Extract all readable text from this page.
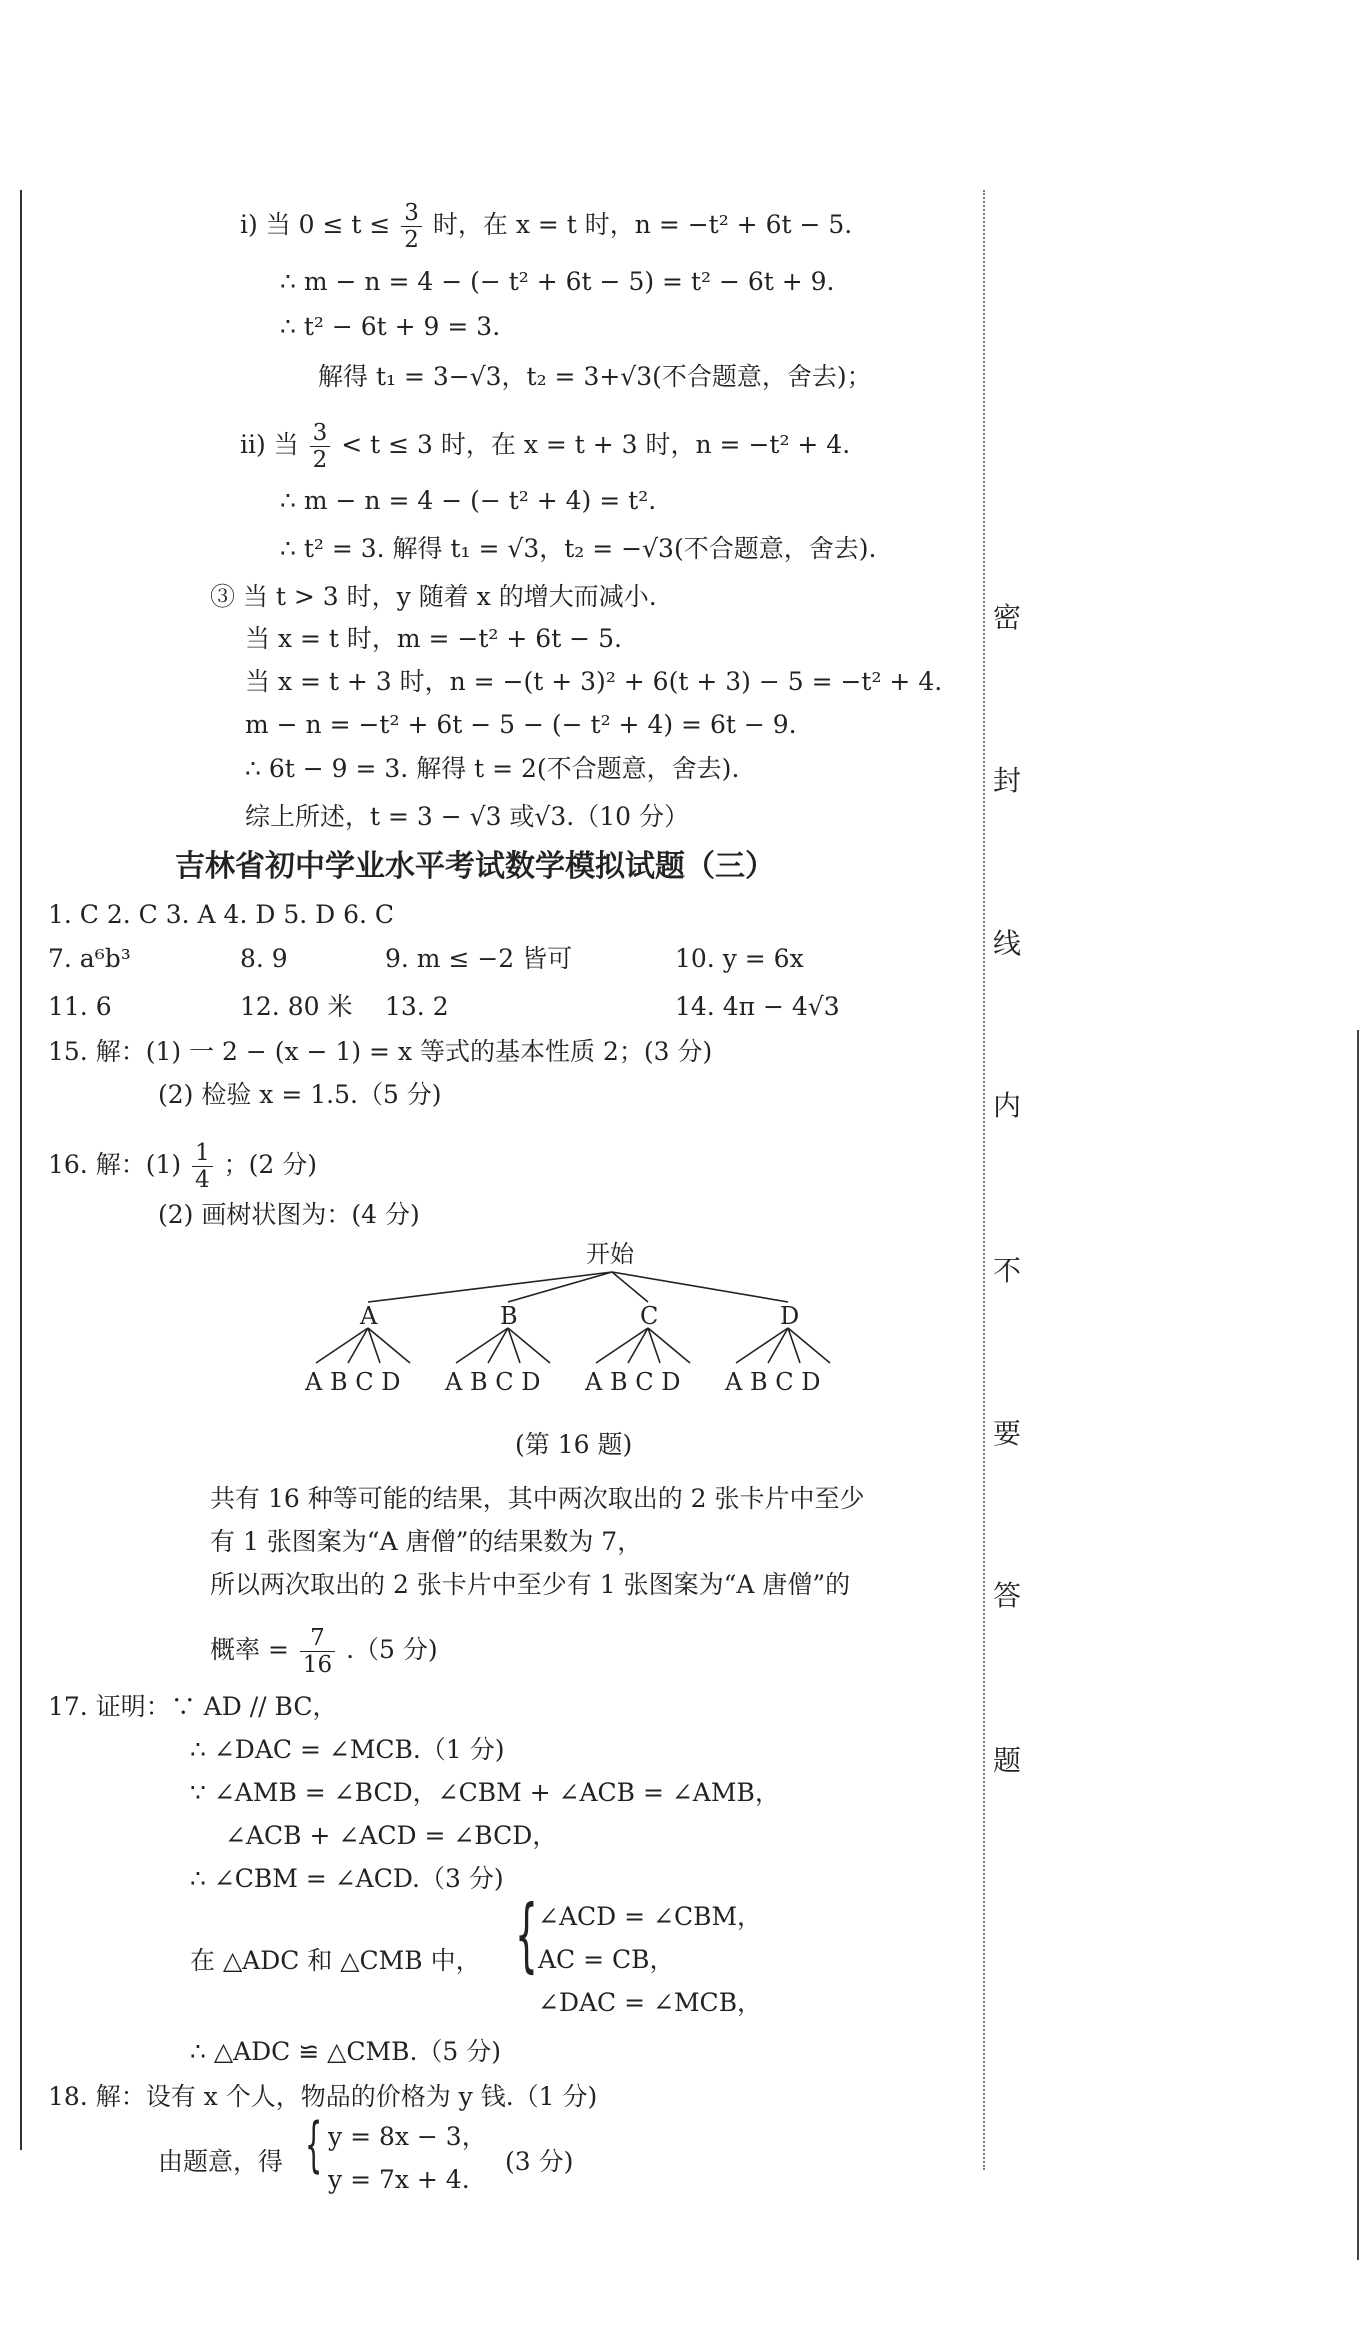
i) 当 $0 \le t \le \frac{3}{2}$ 时，在 x = t 时，n = −t² + 6t − 5.
∴ m − n = 4 − (− t² + 6t − 5) = t² − 6t + 9.
∴ t² − 6t + 9 = 3.
解得 t₁ = 3−√3，t₂ = 3+√3(不合题意，舍去)；
ii) 当 $\frac{3}{2} < t \le 3$ 时，在 x = t + 3 时，n = −t² + 4.
∴ m − n = 4 − (− t² + 4) = t².
∴ t² = 3. 解得 t₁ = √3，t₂ = −√3(不合题意，舍去).
③ 当 t > 3 时，y 随着 x 的增大而减小.
当 x = t 时，m = −t² + 6t − 5.
当 x = t + 3 时，n = −(t + 3)² + 6(t + 3) − 5 = −t² + 4.
m − n = −t² + 6t − 5 − (− t² + 4) = 6t − 9.
∴ 6t − 9 = 3. 解得 t = 2(不合题意，舍去).
综上所述，t = 3 − √3 或√3.（10 分）
吉林省初中学业水平考试数学模拟试题（三）
1. C 2. C 3. A 4. D 5. D 6. C
7. a⁶b³	8. 9	9. m ≤ −2 皆可	10. y = 6x
11. 6	12. 80 米 13. 2	14. 4π − 4√3
15. 解：(1) 一 2 − (x − 1) = x 等式的基本性质 2；(3 分)
(2) 检验 x = 1.5.（5 分)
16. 解：$(1) \frac{1}{4}$ ；(2 分)
(2) 画树状图为：(4 分)
开始
A	B	C	D
A B C D A B C D A B C D A B C D
(第 16 题)
共有 16 种等可能的结果，其中两次取出的 2 张卡片中至少
有 1 张图案为“A 唐僧”的结果数为 7，
所以两次取出的 2 张卡片中至少有 1 张图案为“A 唐僧”的
概率 = $\frac{7}{16} .(5$ 分)
17. 证明：∵ AD // BC，
∴ ∠DAC = ∠MCB.（1 分)
∵ ∠AMB = ∠BCD，∠CBM + ∠ACB = ∠AMB，
∠ACB + ∠ACD = ∠BCD，
∴ ∠CBM = ∠ACD.（3 分)
在 △ADC 和 △CMB 中， { ∠ACD = ∠CBM，
AC = CB，
∠DAC = ∠MCB，
∴ △ADC ≌ △CMB.（5 分)
18. 解：设有 x 个人，物品的价格为 y 钱.（1 分)
由题意，得 { y = 8x − 3，
y = 7x + 4.
(3 分)
密
封
线
内
不
要
答
题
